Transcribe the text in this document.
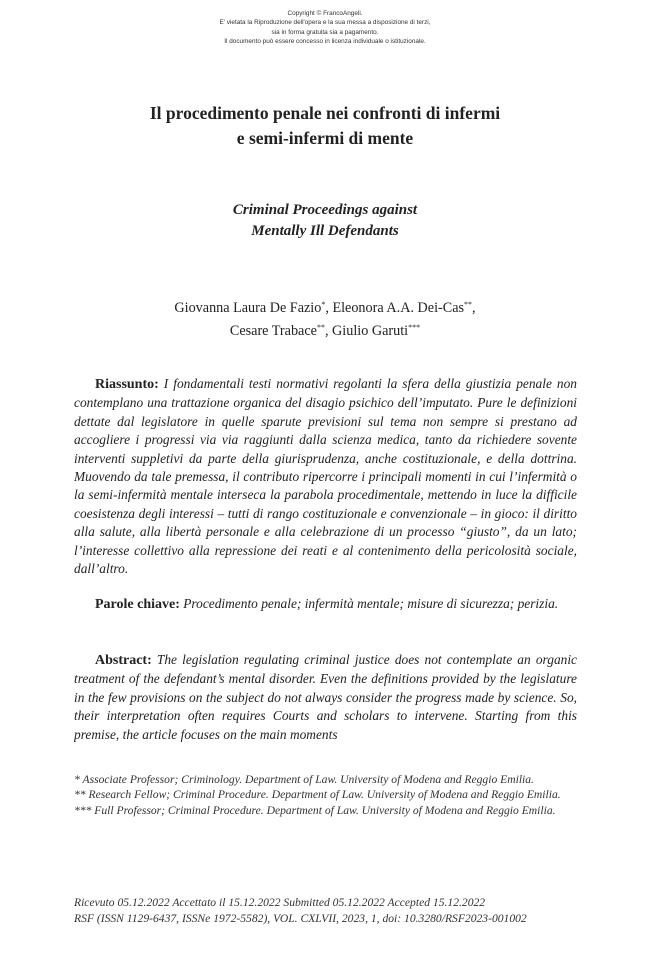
Copyright © FrancoAngeli.
E' vietata la Riproduzione dell'opera e la sua messa a disposizione di terzi,
sia in forma gratuita sia a pagamento.
Il documento può essere concesso in licenza individuale o istituzionale.
Il procedimento penale nei confronti di infermi
e semi-infermi di mente
Criminal Proceedings against
Mentally Ill Defendants
Giovanna Laura De Fazio*, Eleonora A.A. Dei-Cas**,
Cesare Trabace**, Giulio Garuti***
Riassunto: I fondamentali testi normativi regolanti la sfera della giustizia penale non contemplano una trattazione organica del disagio psichico dell’imputato. Pure le definizioni dettate dal legislatore in quelle sparute previsioni sul tema non sempre si prestano ad accogliere i progressi via via raggiunti dalla scienza medica, tanto da richiedere sovente interventi suppletivi da parte della giurisprudenza, anche costituzionale, e della dottrina. Muovendo da tale premessa, il contributo ripercorre i principali momenti in cui l’infermità o la semi-infermità mentale interseca la parabola procedimentale, mettendo in luce la difficile coesistenza degli interessi – tutti di rango costituzionale e convenzionale – in gioco: il diritto alla salute, alla libertà personale e alla celebrazione di un processo “giusto”, da un lato; l’interesse collettivo alla repressione dei reati e al contenimento della pericolosità sociale, dall’altro.
Parole chiave: Procedimento penale; infermità mentale; misure di sicurezza; perizia.
Abstract: The legislation regulating criminal justice does not contemplate an organic treatment of the defendant’s mental disorder. Even the definitions provided by the legislature in the few provisions on the subject do not always consider the progress made by science. So, their interpretation often requires Courts and scholars to intervene. Starting from this premise, the article focuses on the main moments

* Associate Professor; Criminology. Department of Law. University of Modena and Reggio Emilia.

** Research Fellow; Criminal Procedure. Department of Law. University of Modena and Reggio Emilia.

*** Full Professor; Criminal Procedure. Department of Law. University of Modena and Reggio Emilia.

Ricevuto 05.12.2022 Accettato il 15.12.2022 Submitted 05.12.2022 Accepted 15.12.2022
RSF (ISSN 1129-6437, ISSNe 1972-5582), VOL. CXLVII, 2023, 1, doi: 10.3280/RSF2023-001002
